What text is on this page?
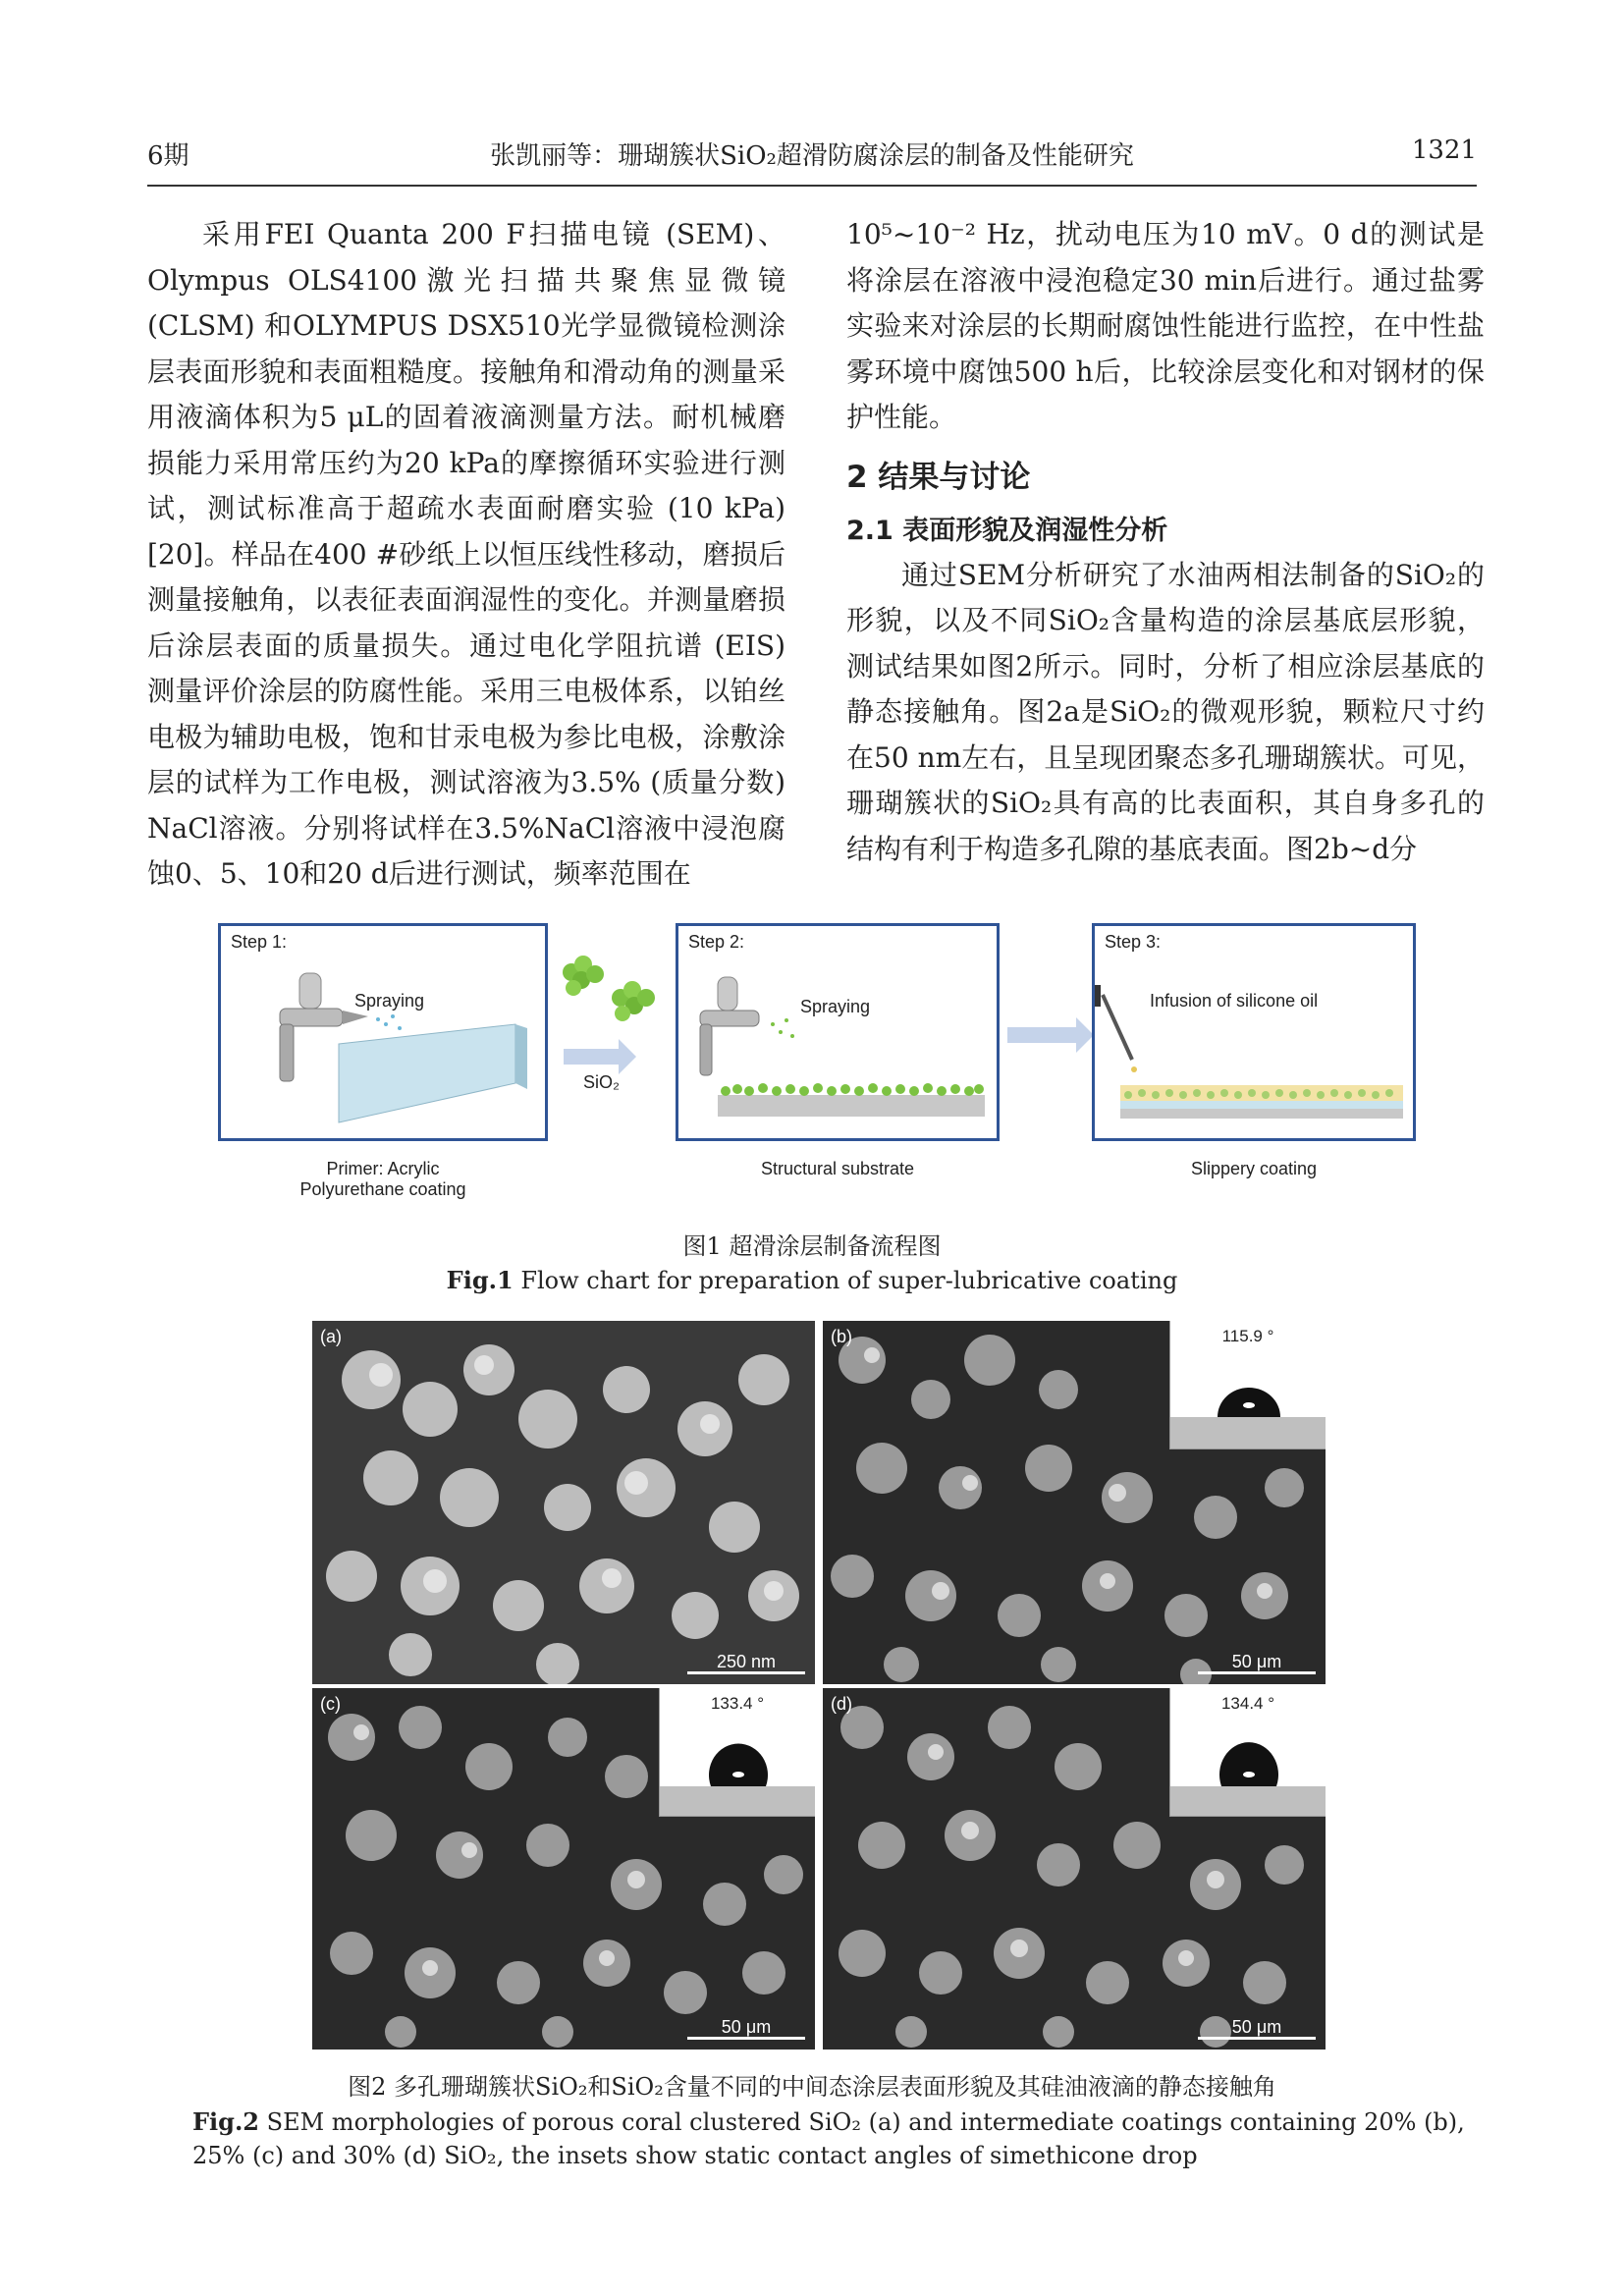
6期	张凯丽等：珊瑚簇状SiO₂超滑防腐涂层的制备及性能研究	1321

采用FEI Quanta 200 F扫描电镜 (SEM)、Olympus OLS4100激光扫描共聚焦显微镜 (CLSM) 和OLYMPUS DSX510光学显微镜检测涂层表面形貌和表面粗糙度。接触角和滑动角的测量采用液滴体积为5 μL的固着液滴测量方法。耐机械磨损能力采用常压约为20 kPa的摩擦循环实验进行测试，测试标准高于超疏水表面耐磨实验 (10 kPa)[20]。样品在400 #砂纸上以恒压线性移动，磨损后测量接触角，以表征表面润湿性的变化。并测量磨损后涂层表面的质量损失。通过电化学阻抗谱 (EIS) 测量评价涂层的防腐性能。采用三电极体系，以铂丝电极为辅助电极，饱和甘汞电极为参比电极，涂敷涂层的试样为工作电极，测试溶液为3.5% (质量分数) NaCl溶液。分别将试样在3.5%NaCl溶液中浸泡腐蚀0、5、10和20 d后进行测试，频率范围在

10⁵~10⁻² Hz，扰动电压为10 mV。0 d的测试是将涂层在溶液中浸泡稳定30 min后进行。通过盐雾实验来对涂层的长期耐腐蚀性能进行监控，在中性盐雾环境中腐蚀500 h后，比较涂层变化和对钢材的保护性能。

2 结果与讨论
2.1 表面形貌及润湿性分析

通过SEM分析研究了水油两相法制备的SiO₂的形貌，以及不同SiO₂含量构造的涂层基底层形貌，测试结果如图2所示。同时，分析了相应涂层基底的静态接触角。图2a是SiO₂的微观形貌，颗粒尺寸约在50 nm左右，且呈现团聚态多孔珊瑚簇状。可见，珊瑚簇状的SiO₂具有高的比表面积，其自身多孔的结构有利于构造多孔隙的基底表面。图2b~d分

Step 1:
Spraying
Primer: Acrylic
Polyurethane coating
SiO₂
Step 2:
Spraying
Structural substrate
Step 3:
Infusion of silicone oil
Slippery coating
图1 超滑涂层制备流程图
Fig.1 Flow chart for preparation of super-lubricative coating
(a)
250 nm
(b)	115.9 °
50 μm
(c)	133.4 °
50 μm
(d)	134.4 °
50 μm
图2 多孔珊瑚簇状SiO₂和SiO₂含量不同的中间态涂层表面形貌及其硅油液滴的静态接触角
Fig.2 SEM morphologies of porous coral clustered SiO₂ (a) and intermediate coatings containing 20% (b), 25% (c) and 30% (d) SiO₂, the insets show static contact angles of simethicone drop
